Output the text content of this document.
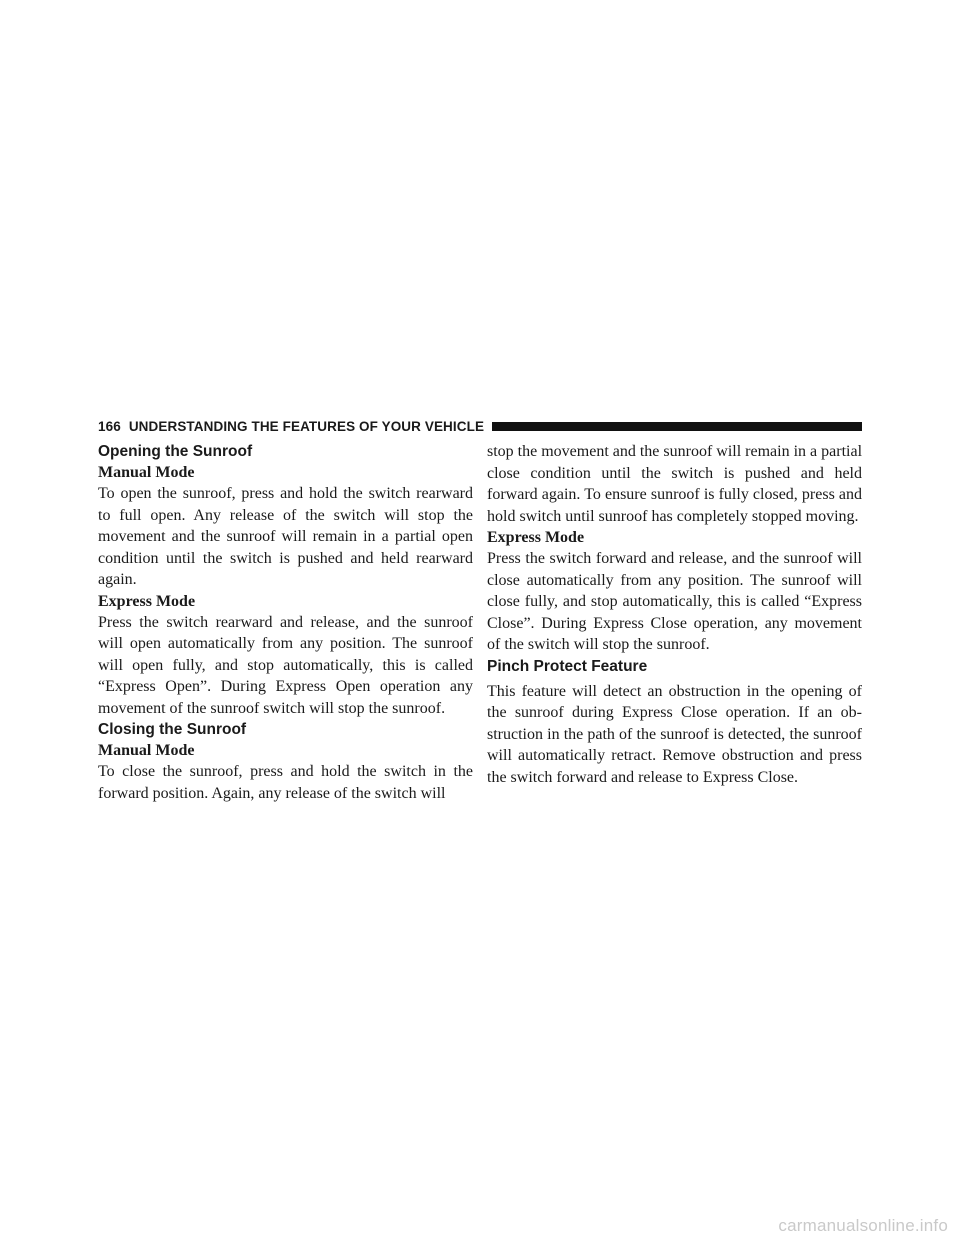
166 UNDERSTANDING THE FEATURES OF YOUR VEHICLE
Opening the Sunroof
Manual Mode

To open the sunroof, press and hold the switch rearward to full open. Any release of the switch will stop the movement and the sunroof will remain in a partial open condition until the switch is pushed and held rearward again.

Express Mode

Press the switch rearward and release, and the sunroof will open automatically from any position. The sunroof will open fully, and stop automatically, this is called “Express Open”. During Express Open operation any movement of the sunroof switch will stop the sunroof.

Closing the Sunroof
Manual Mode

To close the sunroof, press and hold the switch in the forward position. Again, any release of the switch will

stop the movement and the sunroof will remain in a partial close condition until the switch is pushed and held forward again. To ensure sunroof is fully closed, press and hold switch until sunroof has completely stopped moving.

Express Mode

Press the switch forward and release, and the sunroof will close automatically from any position. The sunroof will close fully, and stop automatically, this is called “Express Close”. During Express Close operation, any movement of the switch will stop the sunroof.

Pinch Protect Feature

This feature will detect an obstruction in the opening of the sunroof during Express Close operation. If an ob-struction in the path of the sunroof is detected, the sunroof will automatically retract. Remove obstruction and press the switch forward and release to Express Close.

carmanualsonline.info
